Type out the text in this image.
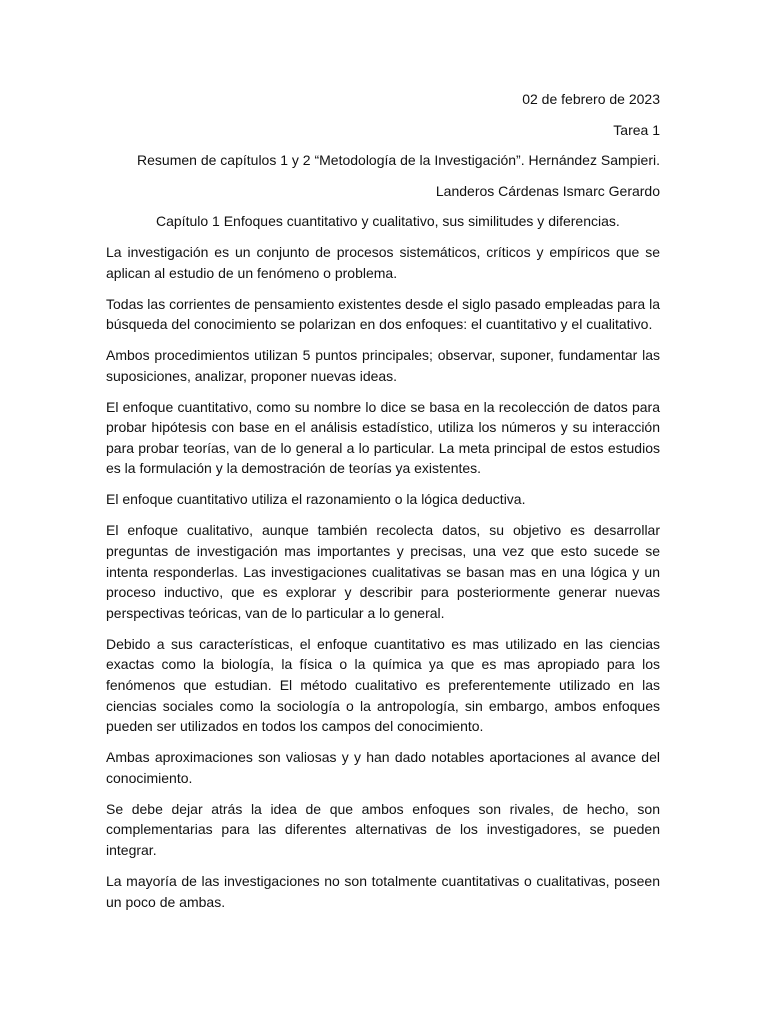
02 de febrero de 2023

Tarea 1

Resumen de capítulos 1 y 2 “Metodología de la Investigación”. Hernández Sampieri.

Landeros Cárdenas Ismarc Gerardo

Capítulo 1 Enfoques cuantitativo y cualitativo, sus similitudes y diferencias.

La investigación es un conjunto de procesos sistemáticos, críticos y empíricos que se aplican al estudio de un fenómeno o problema.

Todas las corrientes de pensamiento existentes desde el siglo pasado empleadas para la búsqueda del conocimiento se polarizan en dos enfoques: el cuantitativo y el cualitativo.

Ambos procedimientos utilizan 5 puntos principales; observar, suponer, fundamentar las suposiciones, analizar, proponer nuevas ideas.

El enfoque cuantitativo, como su nombre lo dice se basa en la recolección de datos para probar hipótesis con base en el análisis estadístico, utiliza los números y su interacción para probar teorías, van de lo general a lo particular. La meta principal de estos estudios es la formulación y la demostración de teorías ya existentes.

El enfoque cuantitativo utiliza el razonamiento o la lógica deductiva.

El enfoque cualitativo, aunque también recolecta datos, su objetivo es desarrollar preguntas de investigación mas importantes y precisas, una vez que esto sucede se intenta responderlas. Las investigaciones cualitativas se basan mas en una lógica y un proceso inductivo, que es explorar y describir para posteriormente generar nuevas perspectivas teóricas, van de lo particular a lo general.

Debido a sus características, el enfoque cuantitativo es mas utilizado en las ciencias exactas como la biología, la física o la química ya que es mas apropiado para los fenómenos que estudian. El método cualitativo es preferentemente utilizado en las ciencias sociales como la sociología o la antropología, sin embargo, ambos enfoques pueden ser utilizados en todos los campos del conocimiento.

Ambas aproximaciones son valiosas y y han dado notables aportaciones al avance del conocimiento.

Se debe dejar atrás la idea de que ambos enfoques son rivales, de hecho, son complementarias para las diferentes alternativas de los investigadores, se pueden integrar.

La mayoría de las investigaciones no son totalmente cuantitativas o cualitativas, poseen un poco de ambas.
